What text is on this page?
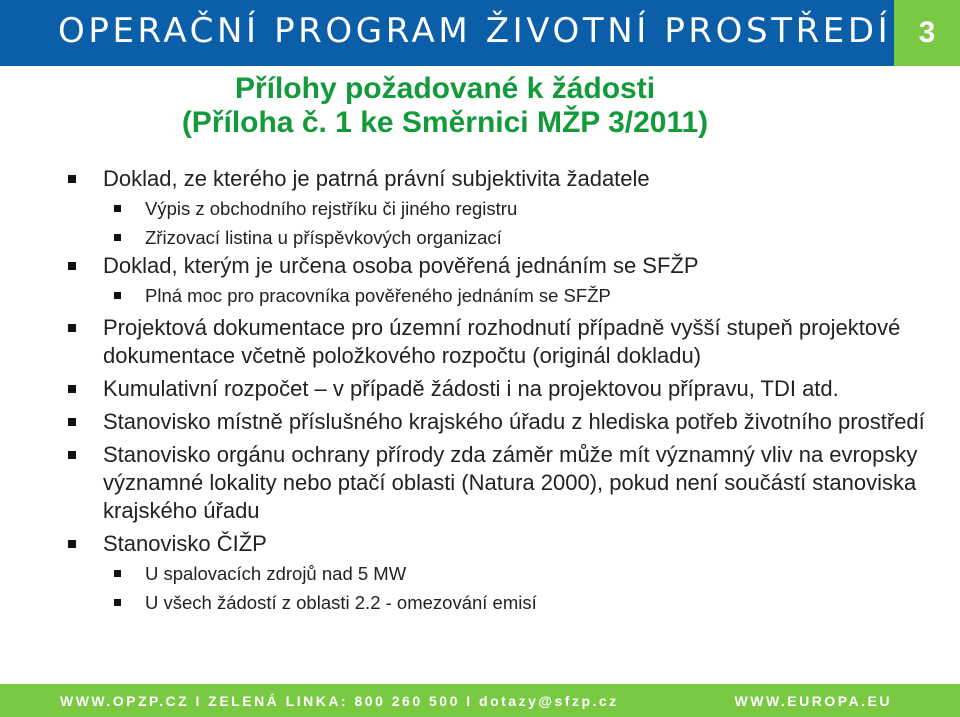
OPERAČNÍ PROGRAM ŽIVOTNÍ PROSTŘEDÍ 3
Přílohy požadované k žádosti
(Příloha č. 1 ke Směrnici MŽP 3/2011)
Doklad, ze kterého je patrná právní subjektivita žadatele
Výpis z obchodního rejstříku či jiného registru
Zřizovací listina u příspěvkových organizací
Doklad, kterým je určena osoba pověřená jednáním se SFŽP
Plná moc pro pracovníka pověřeného jednáním se SFŽP
Projektová dokumentace pro územní rozhodnutí případně vyšší stupeň projektové dokumentace včetně položkového rozpočtu (originál dokladu)
Kumulativní rozpočet – v případě žádosti i na projektovou přípravu, TDI atd.
Stanovisko místně příslušného krajského úřadu z hlediska potřeb životního prostředí
Stanovisko orgánu ochrany přírody zda záměr může mít významný vliv na evropsky významné lokality nebo ptačí oblasti (Natura 2000), pokud není součástí stanoviska krajského úřadu
Stanovisko ČIŽP
U spalovacích zdrojů nad 5 MW
U všech žádostí z oblasti 2.2 - omezování emisí
WWW.OPZP.CZ I ZELENÁ LINKA: 800 260 500 I dotazy@sfzp.cz	WWW.EUROPA.EU
